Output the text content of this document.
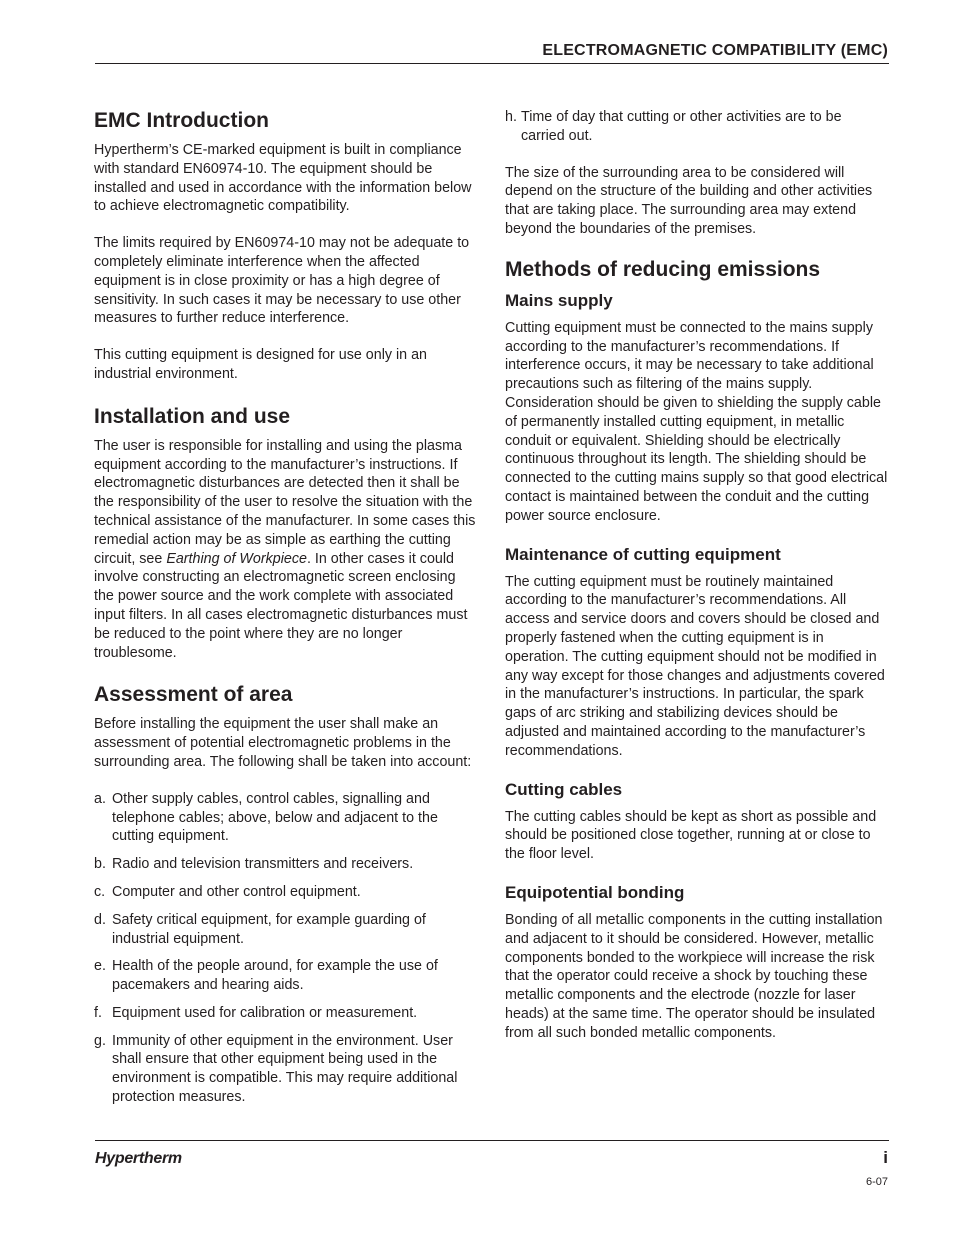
ELECTROMAGNETIC COMPATIBILITY (EMC)
EMC Introduction

Hypertherm’s CE-marked equipment is built in compliance with standard EN60974-10. The equipment should be installed and used in accordance with the information below to achieve electromagnetic compatibility.

The limits required by EN60974-10 may not be adequate to completely eliminate interference when the affected equipment is in close proximity or has a high degree of sensitivity. In such cases it may be necessary to use other measures to further reduce interference.

This cutting equipment is designed for use only in an industrial environment.

Installation and use

The user is responsible for installing and using the plasma equipment according to the manufacturer’s instructions. If electromagnetic disturbances are detected then it shall be the responsibility of the user to resolve the situation with the technical assistance of the manufacturer. In some cases this remedial action may be as simple as earthing the cutting circuit, see Earthing of Workpiece. In other cases it could involve constructing an electromagnetic screen enclosing the power source and the work complete with associated input filters. In all cases electromagnetic disturbances must be reduced to the point where they are no longer troublesome.

Assessment of area

Before installing the equipment the user shall make an assessment of potential electromagnetic problems in the surrounding area. The following shall be taken into account:

a. Other supply cables, control cables, signalling and telephone cables; above, below and adjacent to the cutting equipment.
b. Radio and television transmitters and receivers.
c. Computer and other control equipment.
d. Safety critical equipment, for example guarding of industrial equipment.
e. Health of the people around, for example the use of pacemakers and hearing aids.
f. Equipment used for calibration or measurement.
g. Immunity of other equipment in the environment. User shall ensure that other equipment being used in the environment is compatible. This may require additional protection measures.
h. Time of day that cutting or other activities are to be carried out.

The size of the surrounding area to be considered will depend on the structure of the building and other activities that are taking place. The surrounding area may extend beyond the boundaries of the premises.

Methods of reducing emissions
Mains supply

Cutting equipment must be connected to the mains supply according to the manufacturer’s recommendations. If interference occurs, it may be necessary to take additional precautions such as filtering of the mains supply. Consideration should be given to shielding the supply cable of permanently installed cutting equipment, in metallic conduit or equivalent. Shielding should be electrically continuous throughout its length. The shielding should be connected to the cutting mains supply so that good electrical contact is maintained between the conduit and the cutting power source enclosure.

Maintenance of cutting equipment

The cutting equipment must be routinely maintained according to the manufacturer’s recommendations. All access and service doors and covers should be closed and properly fastened when the cutting equipment is in operation. The cutting equipment should not be modified in any way except for those changes and adjustments covered in the manufacturer’s instructions. In particular, the spark gaps of arc striking and stabilizing devices should be adjusted and maintained according to the manufacturer’s recommendations.

Cutting cables

The cutting cables should be kept as short as possible and should be positioned close together, running at or close to the floor level.

Equipotential bonding

Bonding of all metallic components in the cutting installation and adjacent to it should be considered. However, metallic components bonded to the workpiece will increase the risk that the operator could receive a shock by touching these metallic components and the electrode (nozzle for laser heads) at the same time. The operator should be insulated from all such bonded metallic components.

Hypertherm	i
6-07
